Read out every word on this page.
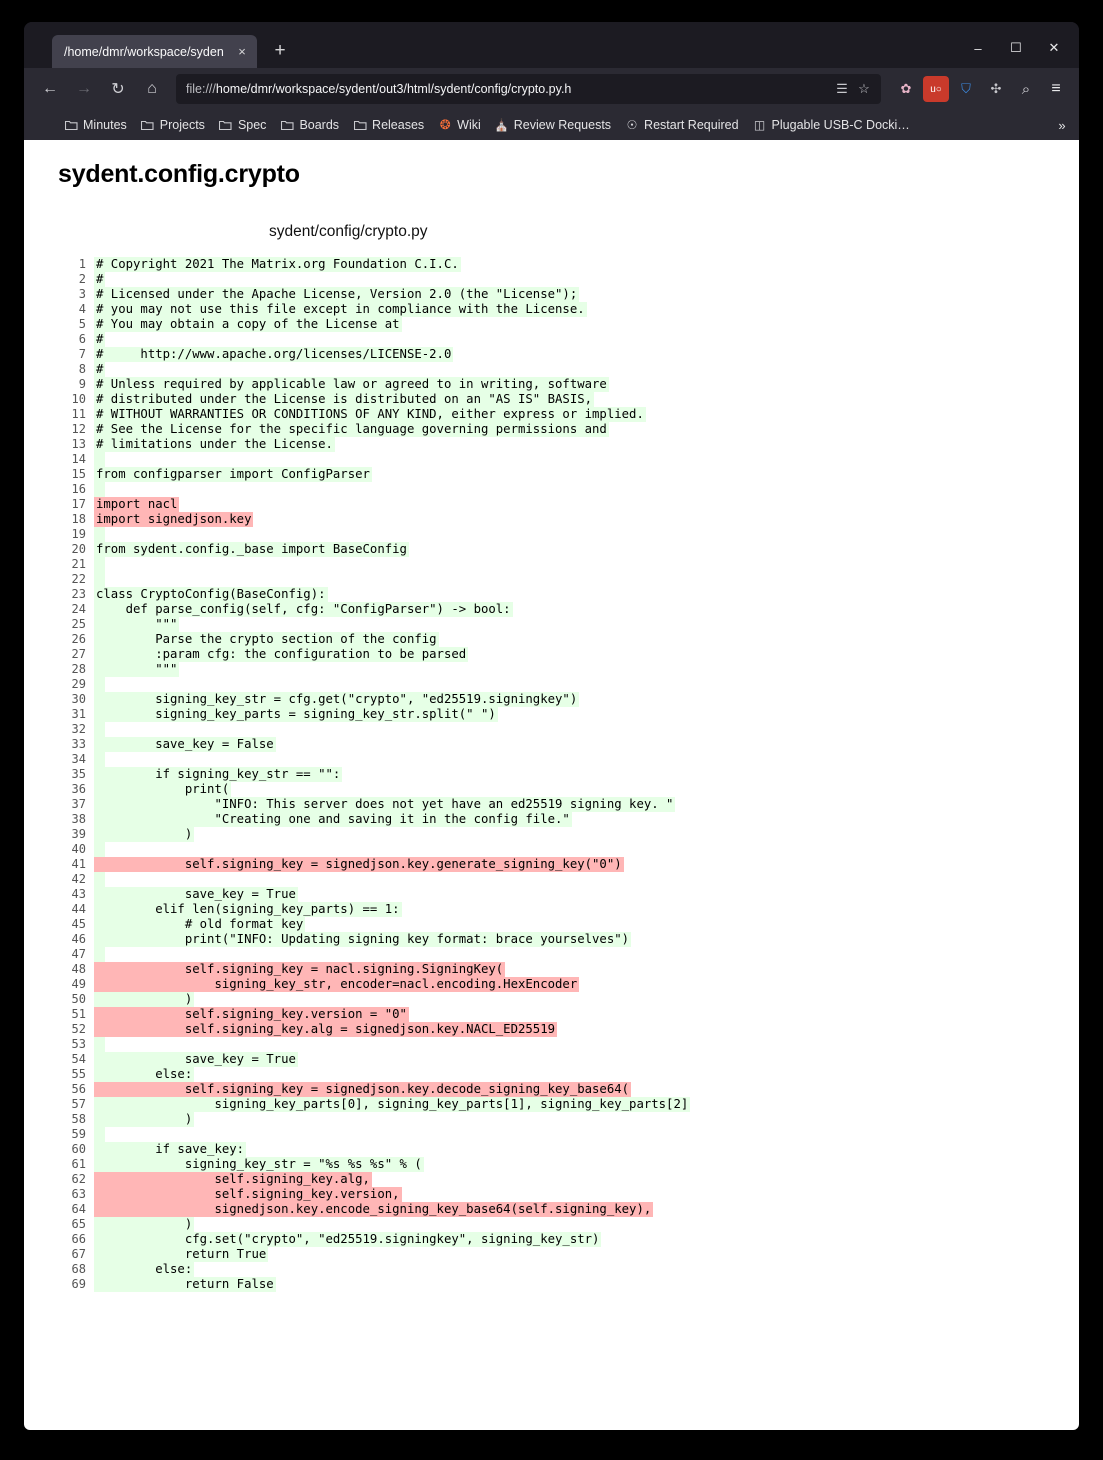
/home/dmr/workspace/syden	×	+	–	☐	✕
←	→	↻	⌂	file:/// home/dmr/workspace/sydent/out3/html/sydent/config/crypto.py.h	☰ ☆	✿	u○	⛉	✣	⌕	≡
Minutes	Projects	Spec	Boards	Releases ❂ Wiki ⛪ Review Requests ☉ Restart Required ◫ Plugable USB-C Docki…	»
sydent.config.crypto
sydent/config/crypto.py
1 # Copyright 2021 The Matrix.org Foundation C.I.C.
2 #
3 # Licensed under the Apache License, Version 2.0 (the "License");
4 # you may not use this file except in compliance with the License.
5 # You may obtain a copy of the License at
6 #
7 #     http://www.apache.org/licenses/LICENSE-2.0
8 #
9 # Unless required by applicable law or agreed to in writing, software
10 # distributed under the License is distributed on an "AS IS" BASIS,
11 # WITHOUT WARRANTIES OR CONDITIONS OF ANY KIND, either express or implied.
12 # See the License for the specific language governing permissions and
13 # limitations under the License.
14

15 from configparser import ConfigParser
16

17 import nacl
18 import signedjson.key
19

20 from sydent.config._base import BaseConfig
21

22

23 class CryptoConfig(BaseConfig):
24 def parse_config(self, cfg: "ConfigParser") -> bool:
25 """
26 Parse the crypto section of the config
27 :param cfg: the configuration to be parsed
28 """
29

30 signing_key_str = cfg.get("crypto", "ed25519.signingkey")
31 signing_key_parts = signing_key_str.split(" ")
32

33 save_key = False
34

35 if signing_key_str == "":
36 print(
37 "INFO: This server does not yet have an ed25519 signing key. "
38 "Creating one and saving it in the config file."
39 )
40

41 self.signing_key = signedjson.key.generate_signing_key("0")
42

43 save_key = True
44 elif len(signing_key_parts) == 1:
45 # old format key
46 print("INFO: Updating signing key format: brace yourselves")
47

48 self.signing_key = nacl.signing.SigningKey(
49 signing_key_str, encoder=nacl.encoding.HexEncoder
50 )
51 self.signing_key.version = "0"
52 self.signing_key.alg = signedjson.key.NACL_ED25519
53

54 save_key = True
55 else:
56 self.signing_key = signedjson.key.decode_signing_key_base64(
57 signing_key_parts[0], signing_key_parts[1], signing_key_parts[2]
58 )
59

60 if save_key:
61 signing_key_str = "%s %s %s" % (
62 self.signing_key.alg,
63 self.signing_key.version,
64 signedjson.key.encode_signing_key_base64(self.signing_key),
65 )
66 cfg.set("crypto", "ed25519.signingkey", signing_key_str)
67 return True
68 else:
69 return False
